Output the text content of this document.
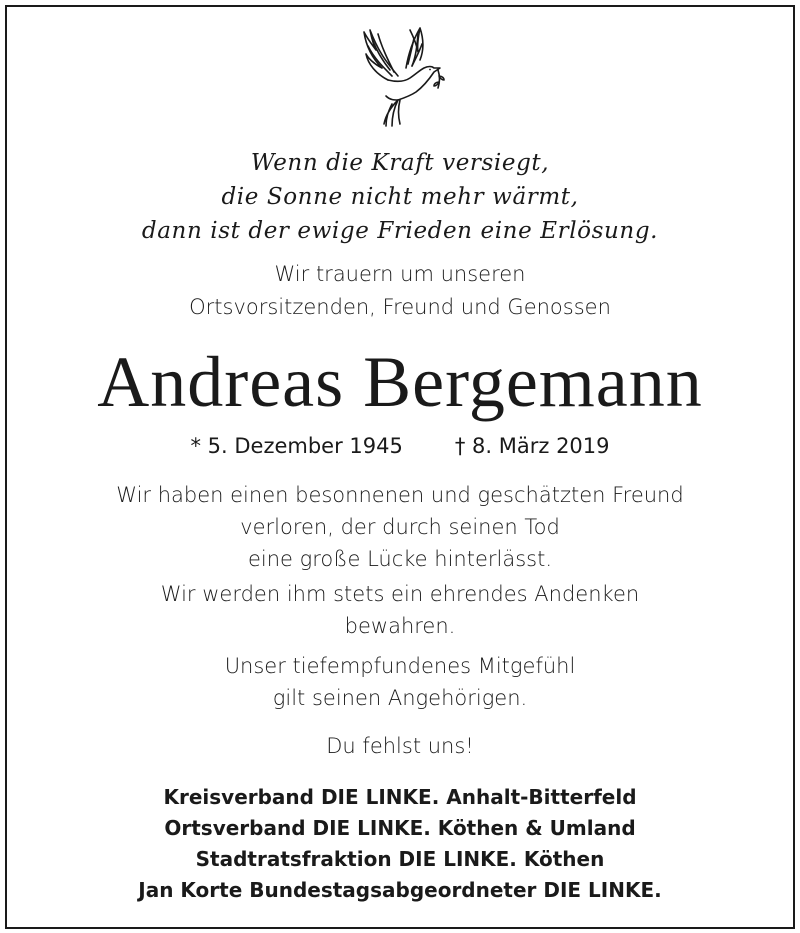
Wenn die Kraft versiegt,
die Sonne nicht mehr wärmt,
dann ist der ewige Frieden eine Erlösung.
Wir trauern um unseren
Ortsvorsitzenden, Freund und Genossen
Andreas Bergemann
* 5. Dezember 1945 † 8. März 2019
Wir haben einen besonnenen und geschätzten Freund
verloren, der durch seinen Tod
eine große Lücke hinterlässt.
Wir werden ihm stets ein ehrendes Andenken
bewahren.
Unser tiefempfundenes Mitgefühl
gilt seinen Angehörigen.
Du fehlst uns!
Kreisverband DIE LINKE. Anhalt-Bitterfeld
Ortsverband DIE LINKE. Köthen & Umland
Stadtratsfraktion DIE LINKE. Köthen
Jan Korte Bundestagsabgeordneter DIE LINKE.
